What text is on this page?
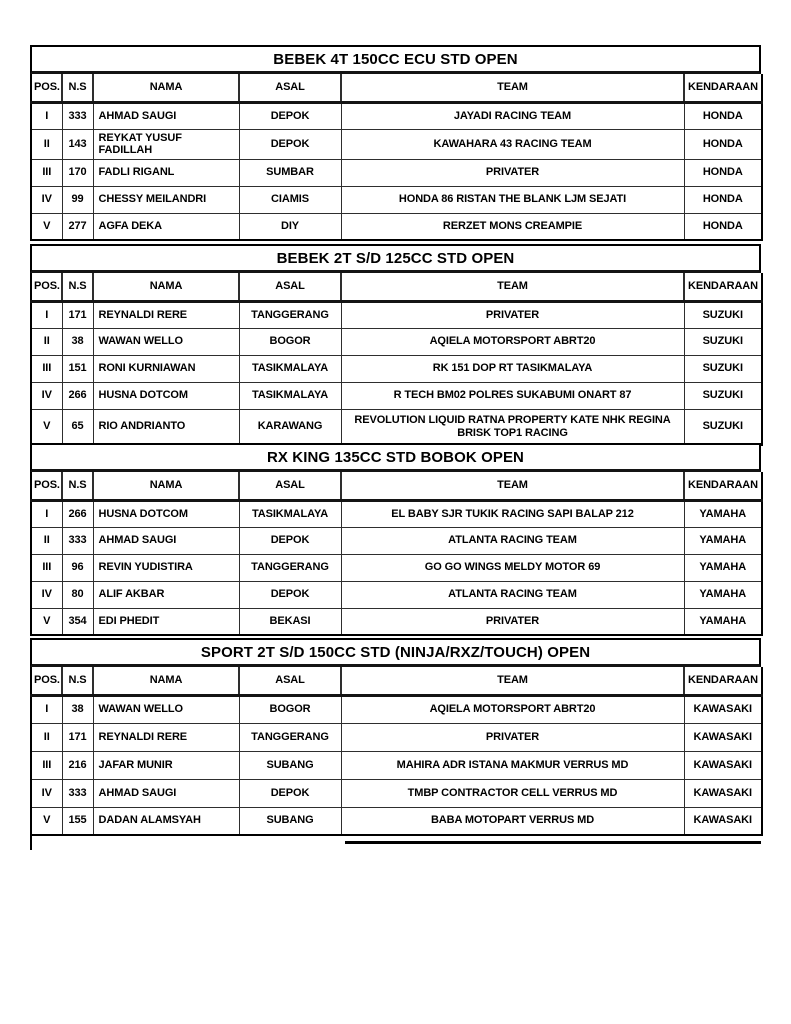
BEBEK 4T 150CC ECU STD OPEN
POS.	N.S	NAMA	ASAL	TEAM	KENDARAAN
I	333	AHMAD SAUGI	DEPOK	JAYADI RACING TEAM	HONDA
II	143	REYKAT YUSUF FADILLAH	DEPOK	KAWAHARA 43 RACING TEAM	HONDA
III	170	FADLI RIGANL	SUMBAR	PRIVATER	HONDA
IV	99	CHESSY MEILANDRI	CIAMIS	HONDA 86 RISTAN THE BLANK LJM SEJATI	HONDA
V	277	AGFA DEKA	DIY	RERZET MONS CREAMPIE	HONDA
BEBEK 2T S/D 125CC STD OPEN
POS.	N.S	NAMA	ASAL	TEAM	KENDARAAN
I	171	REYNALDI RERE	TANGGERANG	PRIVATER	SUZUKI
II	38	WAWAN WELLO	BOGOR	AQIELA MOTORSPORT ABRT20	SUZUKI
III	151	RONI KURNIAWAN	TASIKMALAYA	RK 151 DOP RT TASIKMALAYA	SUZUKI
IV	266	HUSNA DOTCOM	TASIKMALAYA	R TECH BM02 POLRES SUKABUMI ONART 87	SUZUKI
V	65	RIO ANDRIANTO	KARAWANG	REVOLUTION LIQUID RATNA PROPERTY KATE NHK REGINA BRISK TOP1 RACING	SUZUKI
RX KING 135CC STD BOBOK OPEN
POS.	N.S	NAMA	ASAL	TEAM	KENDARAAN
I	266	HUSNA DOTCOM	TASIKMALAYA	EL BABY SJR TUKIK RACING SAPI BALAP 212	YAMAHA
II	333	AHMAD SAUGI	DEPOK	ATLANTA RACING TEAM	YAMAHA
III	96	REVIN YUDISTIRA	TANGGERANG	GO GO WINGS MELDY MOTOR 69	YAMAHA
IV	80	ALIF AKBAR	DEPOK	ATLANTA RACING TEAM	YAMAHA
V	354	EDI PHEDIT	BEKASI	PRIVATER	YAMAHA
SPORT 2T S/D 150CC STD (NINJA/RXZ/TOUCH) OPEN
POS.	N.S	NAMA	ASAL	TEAM	KENDARAAN
I	38	WAWAN WELLO	BOGOR	AQIELA MOTORSPORT ABRT20	KAWASAKI
II	171	REYNALDI RERE	TANGGERANG	PRIVATER	KAWASAKI
III	216	JAFAR MUNIR	SUBANG	MAHIRA ADR ISTANA MAKMUR VERRUS MD	KAWASAKI
IV	333	AHMAD SAUGI	DEPOK	TMBP CONTRACTOR CELL VERRUS MD	KAWASAKI
V	155	DADAN ALAMSYAH	SUBANG	BABA MOTOPART VERRUS MD	KAWASAKI
